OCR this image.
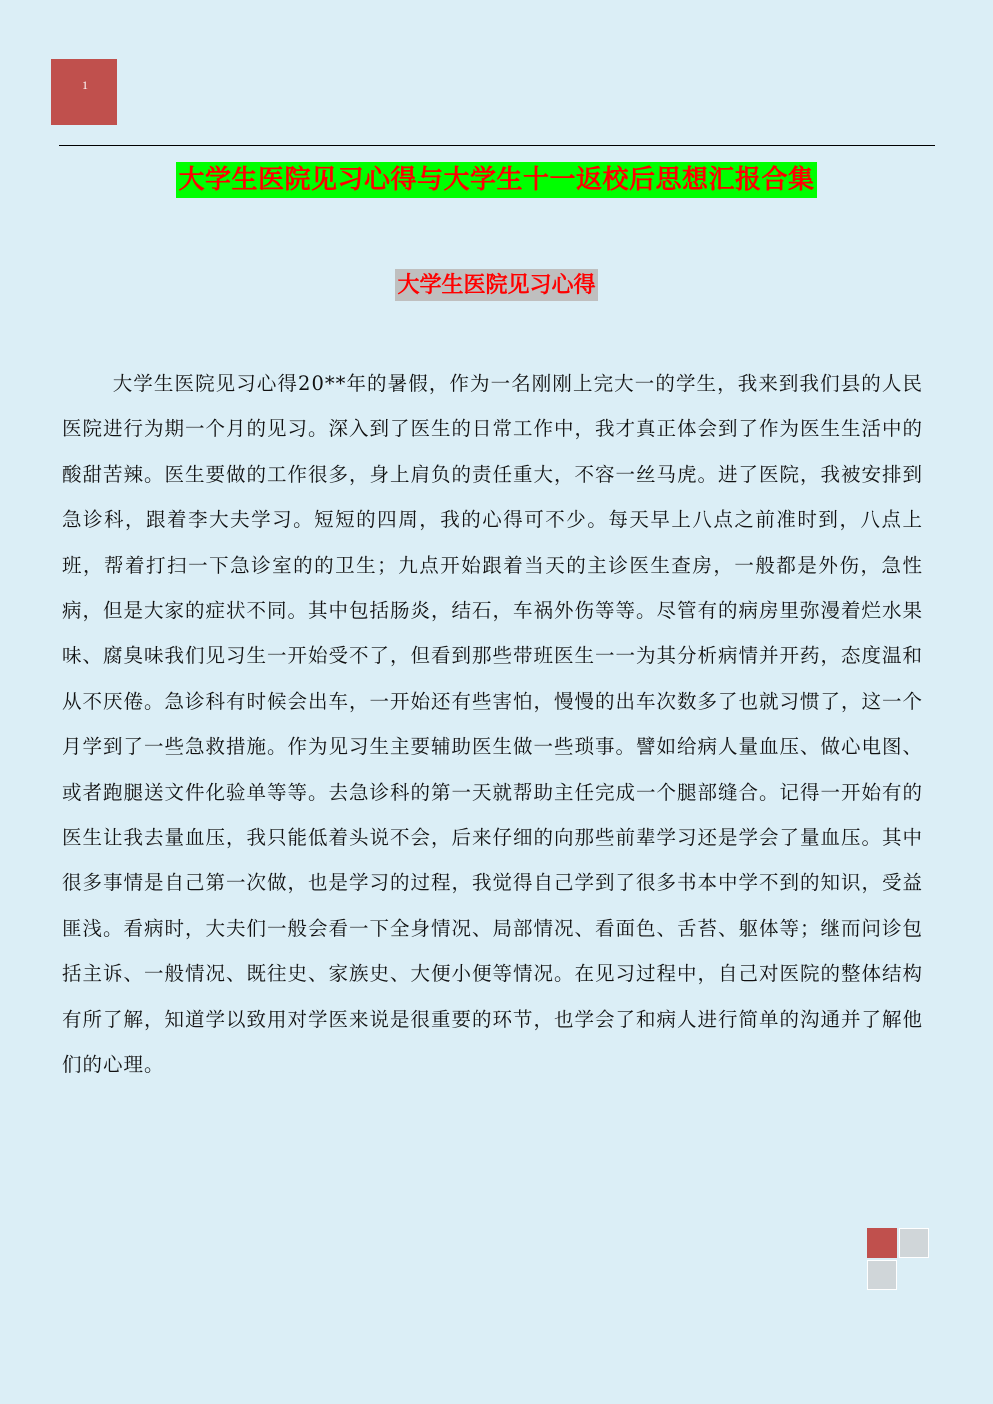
1
大学生医院见习心得与大学生十一返校后思想汇报合集
大学生医院见习心得

大学生医院见习心得20**年的暑假，作为一名刚刚上完大一的学生，我来到我们县的人民医院进行为期一个月的见习。深入到了医生的日常工作中，我才真正体会到了作为医生生活中的酸甜苦辣。医生要做的工作很多，身上肩负的责任重大，不容一丝马虎。进了医院，我被安排到急诊科，跟着李大夫学习。短短的四周，我的心得可不少。每天早上八点之前准时到，八点上班，帮着打扫一下急诊室的的卫生；九点开始跟着当天的主诊医生查房，一般都是外伤，急性病，但是大家的症状不同。其中包括肠炎，结石，车祸外伤等等。尽管有的病房里弥漫着烂水果味、腐臭味我们见习生一开始受不了，但看到那些带班医生一一为其分析病情并开药，态度温和从不厌倦。急诊科有时候会出车，一开始还有些害怕，慢慢的出车次数多了也就习惯了，这一个月学到了一些急救措施。作为见习生主要辅助医生做一些琐事。譬如给病人量血压、做心电图、或者跑腿送文件化验单等等。去急诊科的第一天就帮助主任完成一个腿部缝合。记得一开始有的医生让我去量血压，我只能低着头说不会，后来仔细的向那些前辈学习还是学会了量血压。其中很多事情是自己第一次做，也是学习的过程，我觉得自己学到了很多书本中学不到的知识，受益匪浅。看病时，大夫们一般会看一下全身情况、局部情况、看面色、舌苔、躯体等；继而问诊包括主诉、一般情况、既往史、家族史、大便小便等情况。在见习过程中，自己对医院的整体结构有所了解，知道学以致用对学医来说是很重要的环节，也学会了和病人进行简单的沟通并了解他们的心理。
